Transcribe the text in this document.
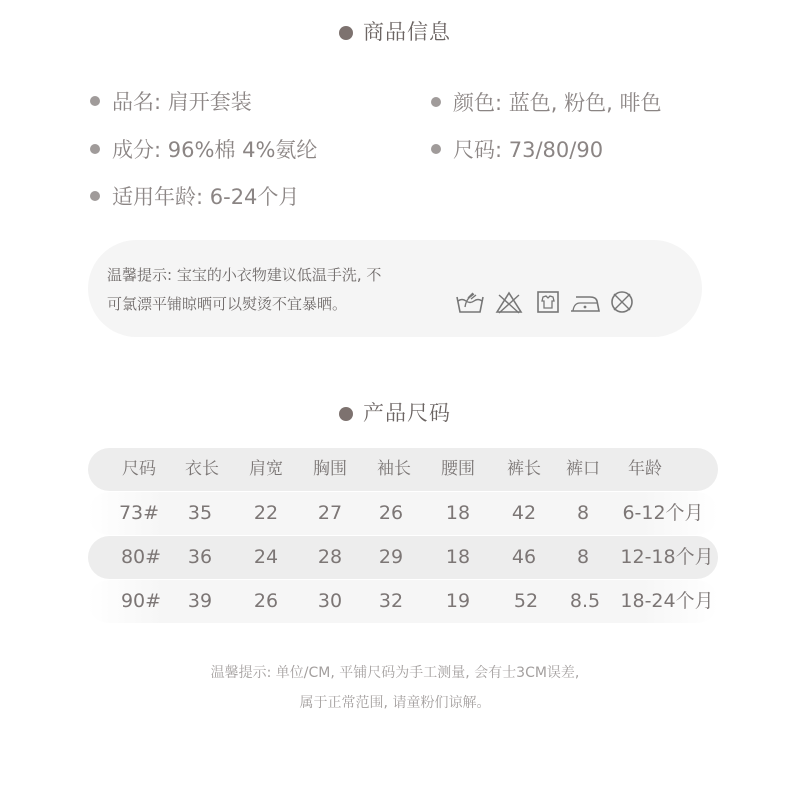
商品信息
品名: 肩开套装
成分: 96%棉 4%氨纶
适用年龄: 6-24个月
颜色: 蓝色, 粉色, 啡色
尺码: 73/80/90
温馨提示: 宝宝的小衣物建议低温手洗, 不
可氯漂平铺晾晒可以熨烫不宜暴晒。
产品尺码
尺码 衣长 肩宽 胸围 袖长 腰围 裤长 裤口 年龄
73# 35 22 27 26 18 42 8 6-12个月
80# 36 24 28 29 18 46 8 12-18个月
90# 39 26 30 32 19 52 8.5 18-24个月
温馨提示: 单位/CM, 平铺尺码为手工测量, 会有士3CM误差,
属于正常范围, 请童粉们谅解。
